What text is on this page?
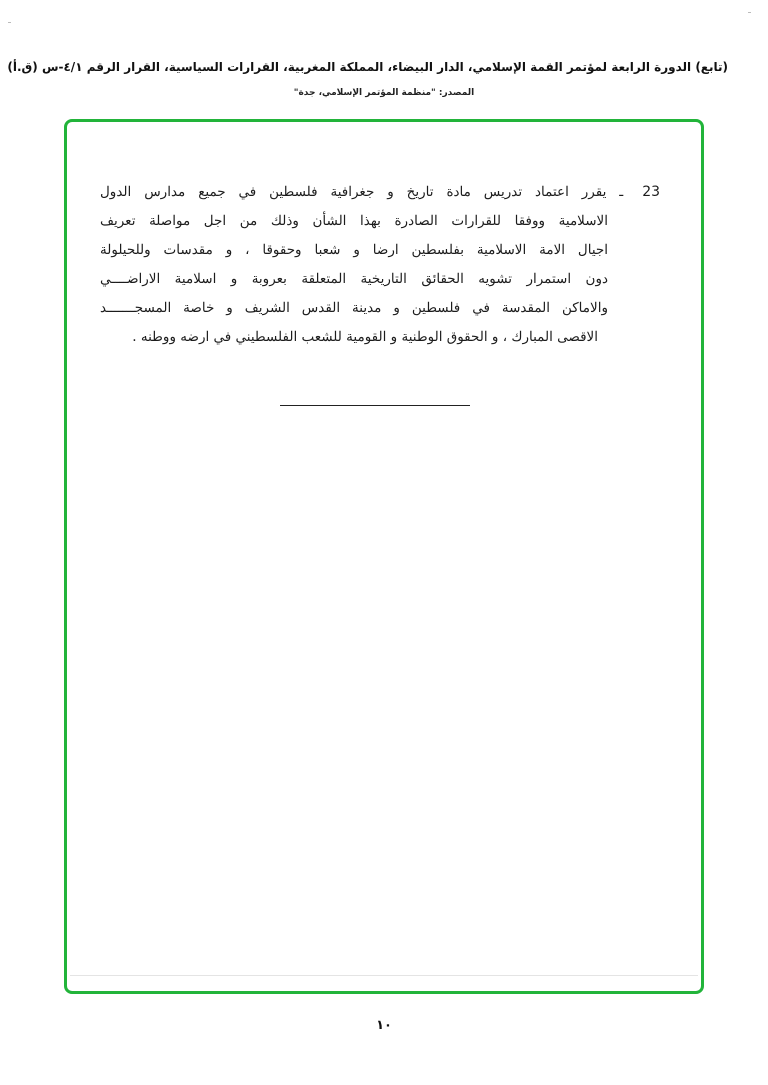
(تابع) الدورة الرابعة لمؤتمر القمة الإسلامي، الدار البيضاء، المملكة المغربية، القرارات السياسية، القرار الرقم ٤/١-س (ق.أ)
المصدر: "منظمة المؤتمر الإسلامي، جدة"
23 ـ يقرر اعتماد تدريس مادة تاريخ و جغرافية فلسطين في جميع مدارس الدول
الاسلامية ووفقا للقرارات الصادرة بهذا الشأن وذلك من اجل مواصلة تعريف
اجيال الامة الاسلامية بفلسطين ارضا و شعبا وحقوقا ، و مقدسات وللحيلولة
دون استمرار تشويه الحقائق التاريخية المتعلقة بعروبة و اسلامية الاراضــــي
والاماكن المقدسة في فلسطين و مدينة القدس الشريف و خاصة المسجـــــــد
الاقصى المبارك ، و الحقوق الوطنية و القومية للشعب الفلسطيني في ارضه ووطنه .
١٠
